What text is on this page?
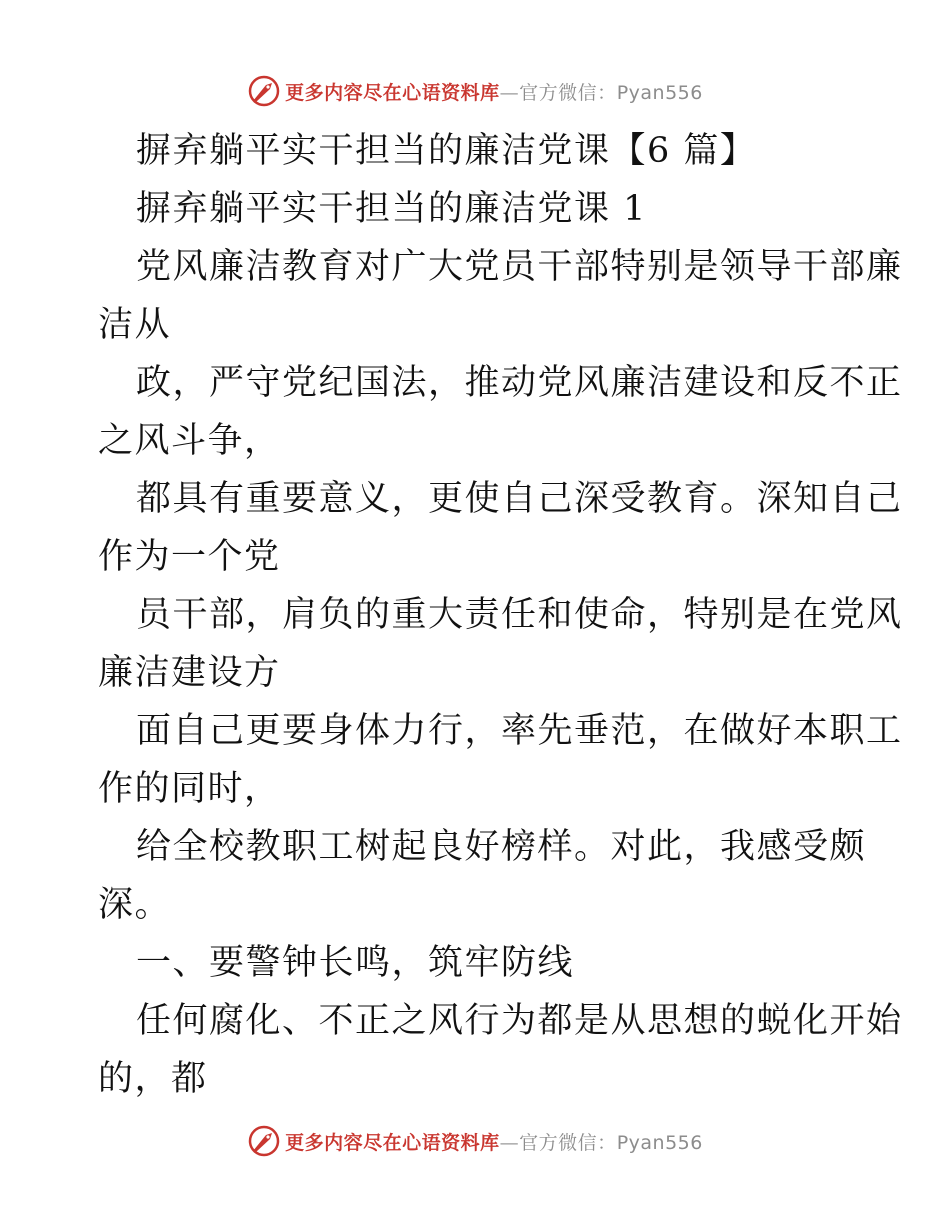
更多内容尽在心语资料库—官方微信：Pyan556
摒弃躺平实干担当的廉洁党课【6 篇】
摒弃躺平实干担当的廉洁党课 1
党风廉洁教育对广大党员干部特别是领导干部廉
洁从
政，严守党纪国法，推动党风廉洁建设和反不正
之风斗争，
都具有重要意义，更使自己深受教育。深知自己
作为一个党
员干部，肩负的重大责任和使命，特别是在党风
廉洁建设方
面自己更要身体力行，率先垂范，在做好本职工
作的同时，
给全校教职工树起良好榜样。对此，我感受颇
深。
一、要警钟长鸣，筑牢防线
任何腐化、不正之风行为都是从思想的蜕化开始
的，都
更多内容尽在心语资料库—官方微信：Pyan556
